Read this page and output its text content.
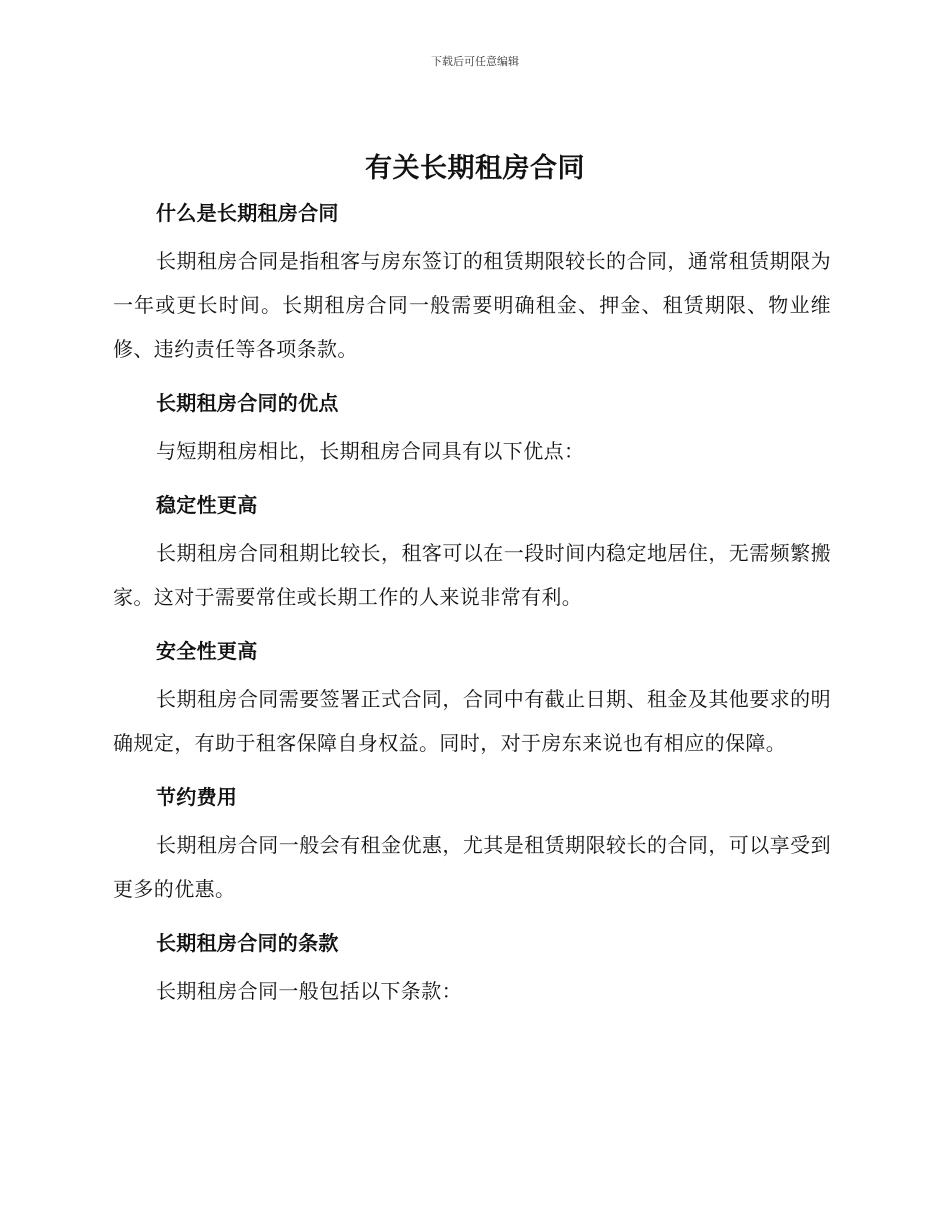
下载后可任意编辑
有关长期租房合同
什么是长期租房合同

长期租房合同是指租客与房东签订的租赁期限较长的合同，通常租赁期限为一年或更长时间。长期租房合同一般需要明确租金、押金、租赁期限、物业维修、违约责任等各项条款。

长期租房合同的优点

与短期租房相比，长期租房合同具有以下优点：

稳定性更高

长期租房合同租期比较长，租客可以在一段时间内稳定地居住，无需频繁搬家。这对于需要常住或长期工作的人来说非常有利。

安全性更高

长期租房合同需要签署正式合同，合同中有截止日期、租金及其他要求的明确规定，有助于租客保障自身权益。同时，对于房东来说也有相应的保障。

节约费用

长期租房合同一般会有租金优惠，尤其是租赁期限较长的合同，可以享受到更多的优惠。

长期租房合同的条款

长期租房合同一般包括以下条款：
